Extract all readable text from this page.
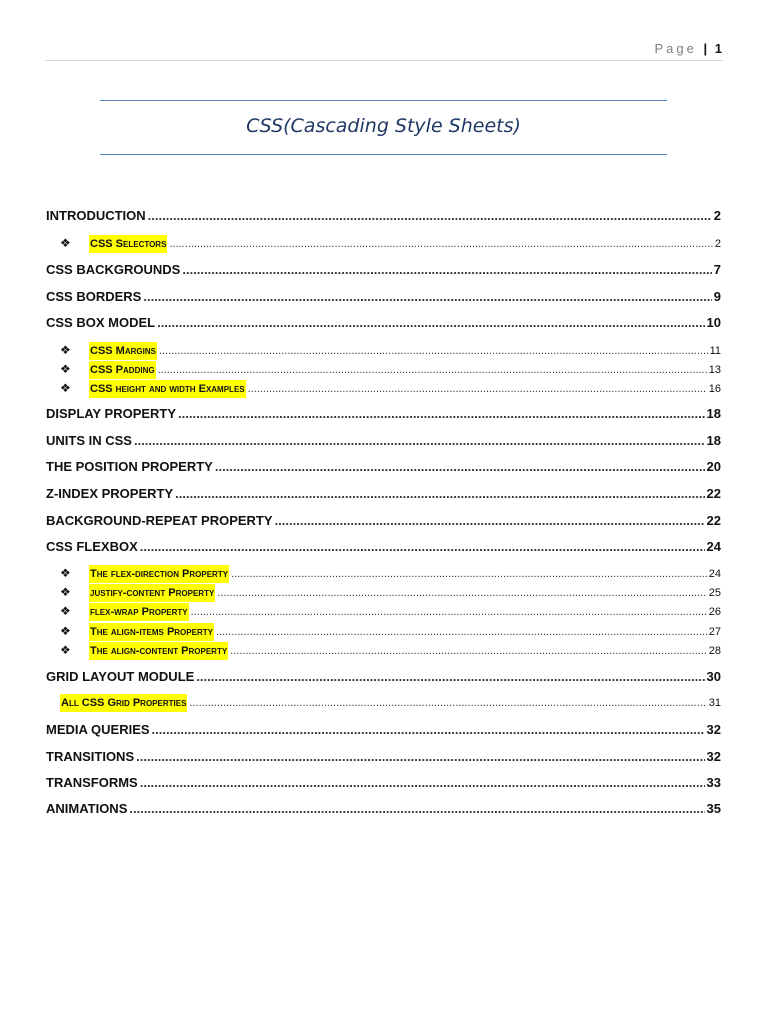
Page | 1
CSS(Cascading Style Sheets)
INTRODUCTION .....	2
❖	CSS Selectors .....	2
CSS BACKGROUNDS .....	7
CSS BORDERS .....	9
CSS BOX MODEL .....	10
❖	CSS Margins .....	11
❖	CSS Padding .....	13
❖	CSS height and width Examples .....	16
DISPLAY PROPERTY .....	18
UNITS IN CSS .....	18
THE POSITION PROPERTY .....	20
Z-INDEX PROPERTY .....	22
BACKGROUND-REPEAT PROPERTY .....	22
CSS FLEXBOX .....	24
❖	The flex-direction Property .....	24
❖	justify-content Property .....	25
❖	flex-wrap Property .....	26
❖	The align-items Property .....	27
❖	The align-content Property .....	28
GRID LAYOUT MODULE .....	30
All CSS Grid Properties .....	31
MEDIA QUERIES .....	32
TRANSITIONS .....	32
TRANSFORMS .....	33
ANIMATIONS .....	35
